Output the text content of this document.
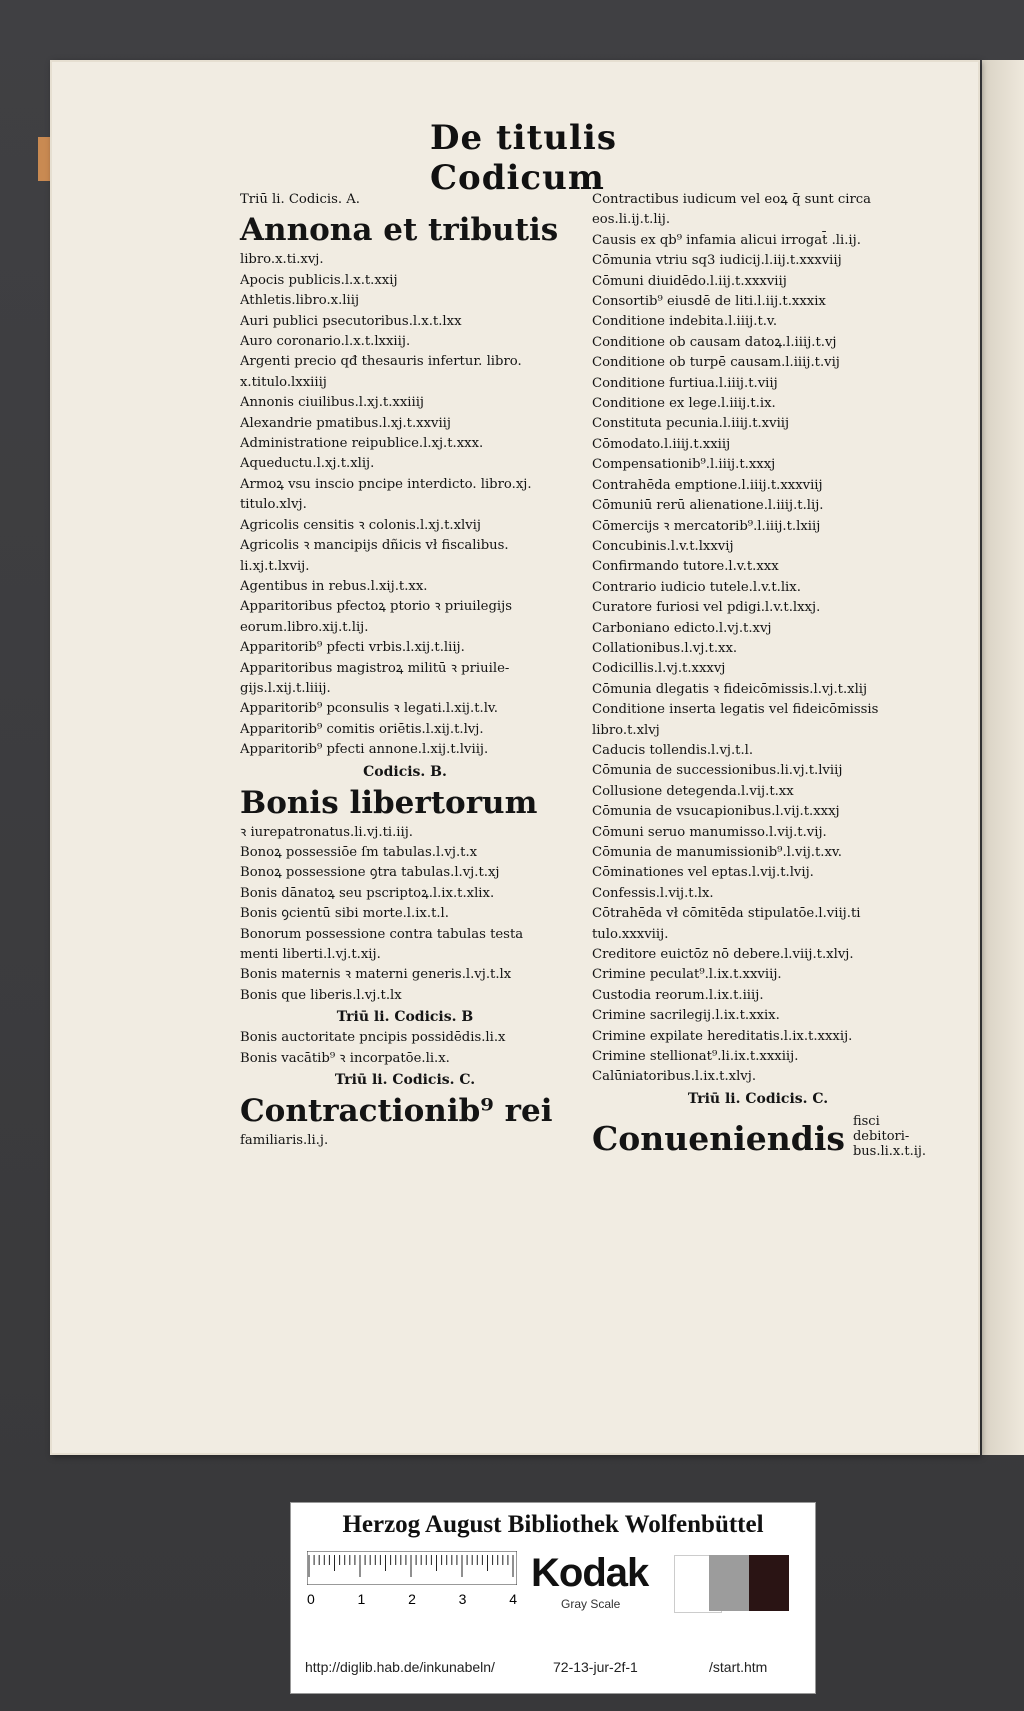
De titulis Codicum
Triū li. Codicis. A.
Annona et tributis
libro.x.ti.xvj.
Apocis publicis.l.x.t.xxij
Athletis.libro.x.liij
Auri publici psecutoribus.l.x.t.lxx
Auro coronario.l.x.t.lxxiij.
Argenti precio qđ thesauris infertur. libro.
x.titulo.lxxiiij
Annonis ciuilibus.l.xj.t.xxiiij
Alexandrie pmatibus.l.xj.t.xxviij
Administratione reipublice.l.xj.t.xxx.
Aqueductu.l.xj.t.xlij.
Armoꝝ vsu inscio pncipe interdicto. libro.xj.
titulo.xlvj.
Agricolis censitis ꝛ colonis.l.xj.t.xlvij
Agricolis ꝛ mancipijs dñicis vł fiscalibus.
li.xj.t.lxvij.
Agentibus in rebus.l.xij.t.xx.
Apparitoribus pfectoꝝ ptorio ꝛ priuilegijs
eorum.libro.xij.t.lij.
Apparitorib⁹ pfecti vrbis.l.xij.t.liij.
Apparitoribus magistroꝝ militū ꝛ priuile-
gijs.l.xij.t.liiij.
Apparitorib⁹ pconsulis ꝛ legati.l.xij.t.lv.
Apparitorib⁹ comitis oriētis.l.xij.t.lvj.
Apparitorib⁹ pfecti annone.l.xij.t.lviij.
Codicis. B.
Bonis libertorum
ꝛ iurepatronatus.li.vj.ti.iij.
Bonoꝝ possessiōe ſm tabulas.l.vj.t.x
Bonoꝝ possessione ꝯtra tabulas.l.vj.t.xj
Bonis dānatoꝝ seu pscriptoꝝ.l.ix.t.xlix.
Bonis ꝯcientū sibi morte.l.ix.t.l.
Bonorum possessione contra tabulas testa
menti liberti.l.vj.t.xij.
Bonis maternis ꝛ materni generis.l.vj.t.lx
Bonis que liberis.l.vj.t.lx
Triū li. Codicis. B
Bonis auctoritate pncipis possidēdis.li.x
Bonis vacātib⁹ ꝛ incorpatōe.li.x.
Triū li. Codicis. C.
Contractionib⁹ rei
familiaris.li.j.
Contractibus iudicum vel eoꝝ q̄ sunt circa
eos.li.ij.t.lij.
Causis ex qb⁹ infamia alicui irrogat̄ .li.ij.
Cōmunia vtriu sq3 iudicij.l.iij.t.xxxviij
Cōmuni diuidēdo.l.iij.t.xxxviij
Consortib⁹ eiusdē de liti.l.iij.t.xxxix
Conditione indebita.l.iiij.t.v.
Conditione ob causam datoꝝ.l.iiij.t.vj
Conditione ob turpē causam.l.iiij.t.vij
Conditione furtiua.l.iiij.t.viij
Conditione ex lege.l.iiij.t.ix.
Constituta pecunia.l.iiij.t.xviij
Cōmodato.l.iiij.t.xxiij
Compensationib⁹.l.iiij.t.xxxj
Contrahēda emptione.l.iiij.t.xxxviij
Cōmuniū rerū alienatione.l.iiij.t.lij.
Cōmercijs ꝛ mercatorib⁹.l.iiij.t.lxiij
Concubinis.l.v.t.lxxvij
Confirmando tutore.l.v.t.xxx
Contrario iudicio tutele.l.v.t.lix.
Curatore furiosi vel pdigi.l.v.t.lxxj.
Carboniano edicto.l.vj.t.xvj
Collationibus.l.vj.t.xx.
Codicillis.l.vj.t.xxxvj
Cōmunia dlegatis ꝛ fideicōmissis.l.vj.t.xlij
Conditione inserta legatis vel fideicōmissis
libro.t.xlvj
Caducis tollendis.l.vj.t.l.
Cōmunia de successionibus.li.vj.t.lviij
Collusione detegenda.l.vij.t.xx
Cōmunia de vsucapionibus.l.vij.t.xxxj
Cōmuni seruo manumisso.l.vij.t.vij.
Cōmunia de manumissionib⁹.l.vij.t.xv.
Cōminationes vel eptas.l.vij.t.lvij.
Confessis.l.vij.t.lx.
Cōtrahēda vł cōmitēda stipulatōe.l.viij.ti
tulo.xxxviij.
Creditore euictōz nō debere.l.viij.t.xlvj.
Crimine peculat⁹.l.ix.t.xxviij.
Custodia reorum.l.ix.t.iiij.
Crimine sacrilegij.l.ix.t.xxix.
Crimine expilate hereditatis.l.ix.t.xxxij.
Crimine stellionat⁹.li.ix.t.xxxiij.
Calūniatoribus.l.ix.t.xlvj.
Triū li. Codicis. C.
Conueniendis fisci debitori-
bus.li.x.t.ij.
Herzog August Bibliothek Wolfenbüttel
0	1	2	3	4
Kodak
Gray Scale
http://diglib.hab.de/inkunabeln/	72-13-jur-2f-1	/start.htm
